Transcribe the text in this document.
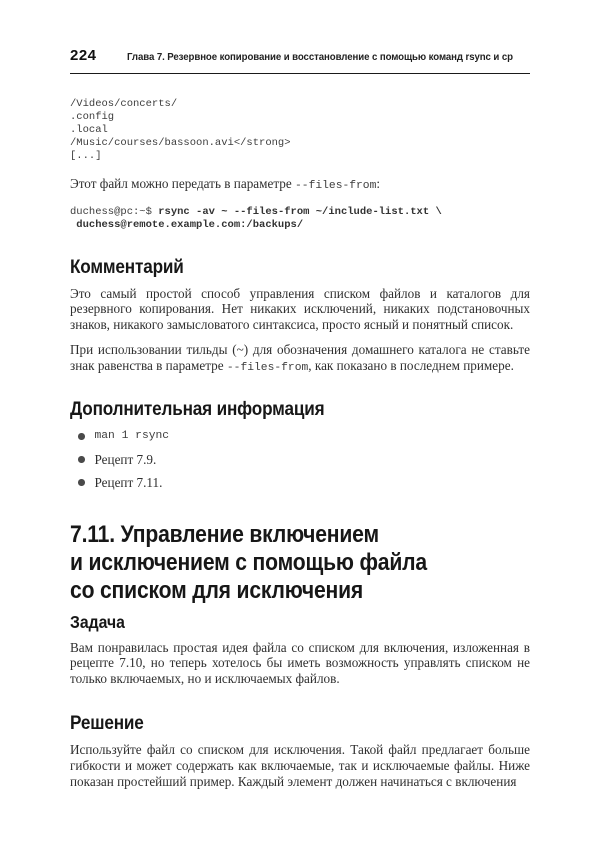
224	Глава 7. Резервное копирование и восстановление с помощью команд rsync и cp
/Videos/concerts/
.config
.local
/Music/courses/bassoon.avi</strong>
[...]
Этот файл можно передать в параметре --files-from:
duchess@pc:~$ rsync -av ~ --files-from ~/include-list.txt \
duchess@remote.example.com:/backups/
Комментарий
Это самый простой способ управления списком файлов и каталогов для резервного копирования. Нет никаких исключений, никаких подстановочных знаков, никакого замысловатого синтаксиса, просто ясный и понятный список.
При использовании тильды (~) для обозначения домашнего каталога не ставьте знак равенства в параметре --files-from, как показано в последнем примере.
Дополнительная информация
man 1 rsync
Рецепт 7.9.
Рецепт 7.11.
7.11. Управление включением
и исключением с помощью файла
со списком для исключения
Задача
Вам понравилась простая идея файла со списком для включения, изложенная в рецепте 7.10, но теперь хотелось бы иметь возможность управлять списком не только включаемых, но и исключаемых файлов.
Решение
Используйте файл со списком для исключения. Такой файл предлагает больше гибкости и может содержать как включаемые, так и исключаемые файлы. Ниже показан простейший пример. Каждый элемент должен начинаться с включения
